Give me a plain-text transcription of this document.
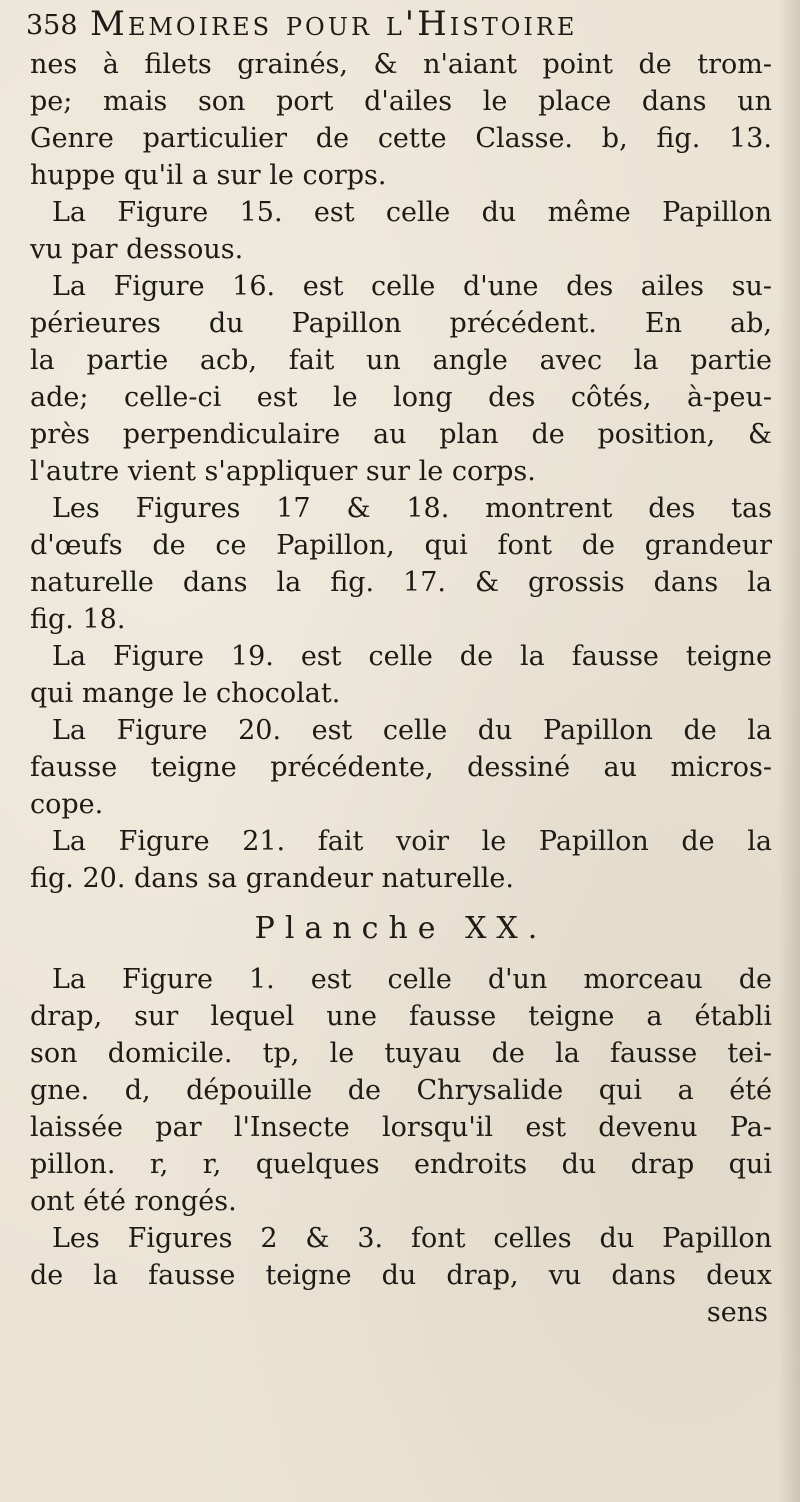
358 Memoires pour l'Histoire
nes à filets grainés, & n'aiant point de trom-
pe; mais son port d'ailes le place dans un
Genre particulier de cette Classe. b, fig. 13.
huppe qu'il a sur le corps.
La Figure 15. est celle du même Papillon
vu par dessous.
La Figure 16. est celle d'une des ailes su-
périeures du Papillon précédent. En ab,
la partie acb, fait un angle avec la partie
ade; celle-ci est le long des côtés, à-peu-
près perpendiculaire au plan de position, &
l'autre vient s'appliquer sur le corps.
Les Figures 17 & 18. montrent des tas
d'œufs de ce Papillon, qui font de grandeur
naturelle dans la fig. 17. & grossis dans la
fig. 18.
La Figure 19. est celle de la fausse teigne
qui mange le chocolat.
La Figure 20. est celle du Papillon de la
fausse teigne précédente, dessiné au micros-
cope.
La Figure 21. fait voir le Papillon de la
fig. 20. dans sa grandeur naturelle.
Planche XX.
La Figure 1. est celle d'un morceau de
drap, sur lequel une fausse teigne a établi
son domicile. tp, le tuyau de la fausse tei-
gne. d, dépouille de Chrysalide qui a été
laissée par l'Insecte lorsqu'il est devenu Pa-
pillon. r, r, quelques endroits du drap qui
ont été rongés.
Les Figures 2 & 3. font celles du Papillon
de la fausse teigne du drap, vu dans deux
sens
